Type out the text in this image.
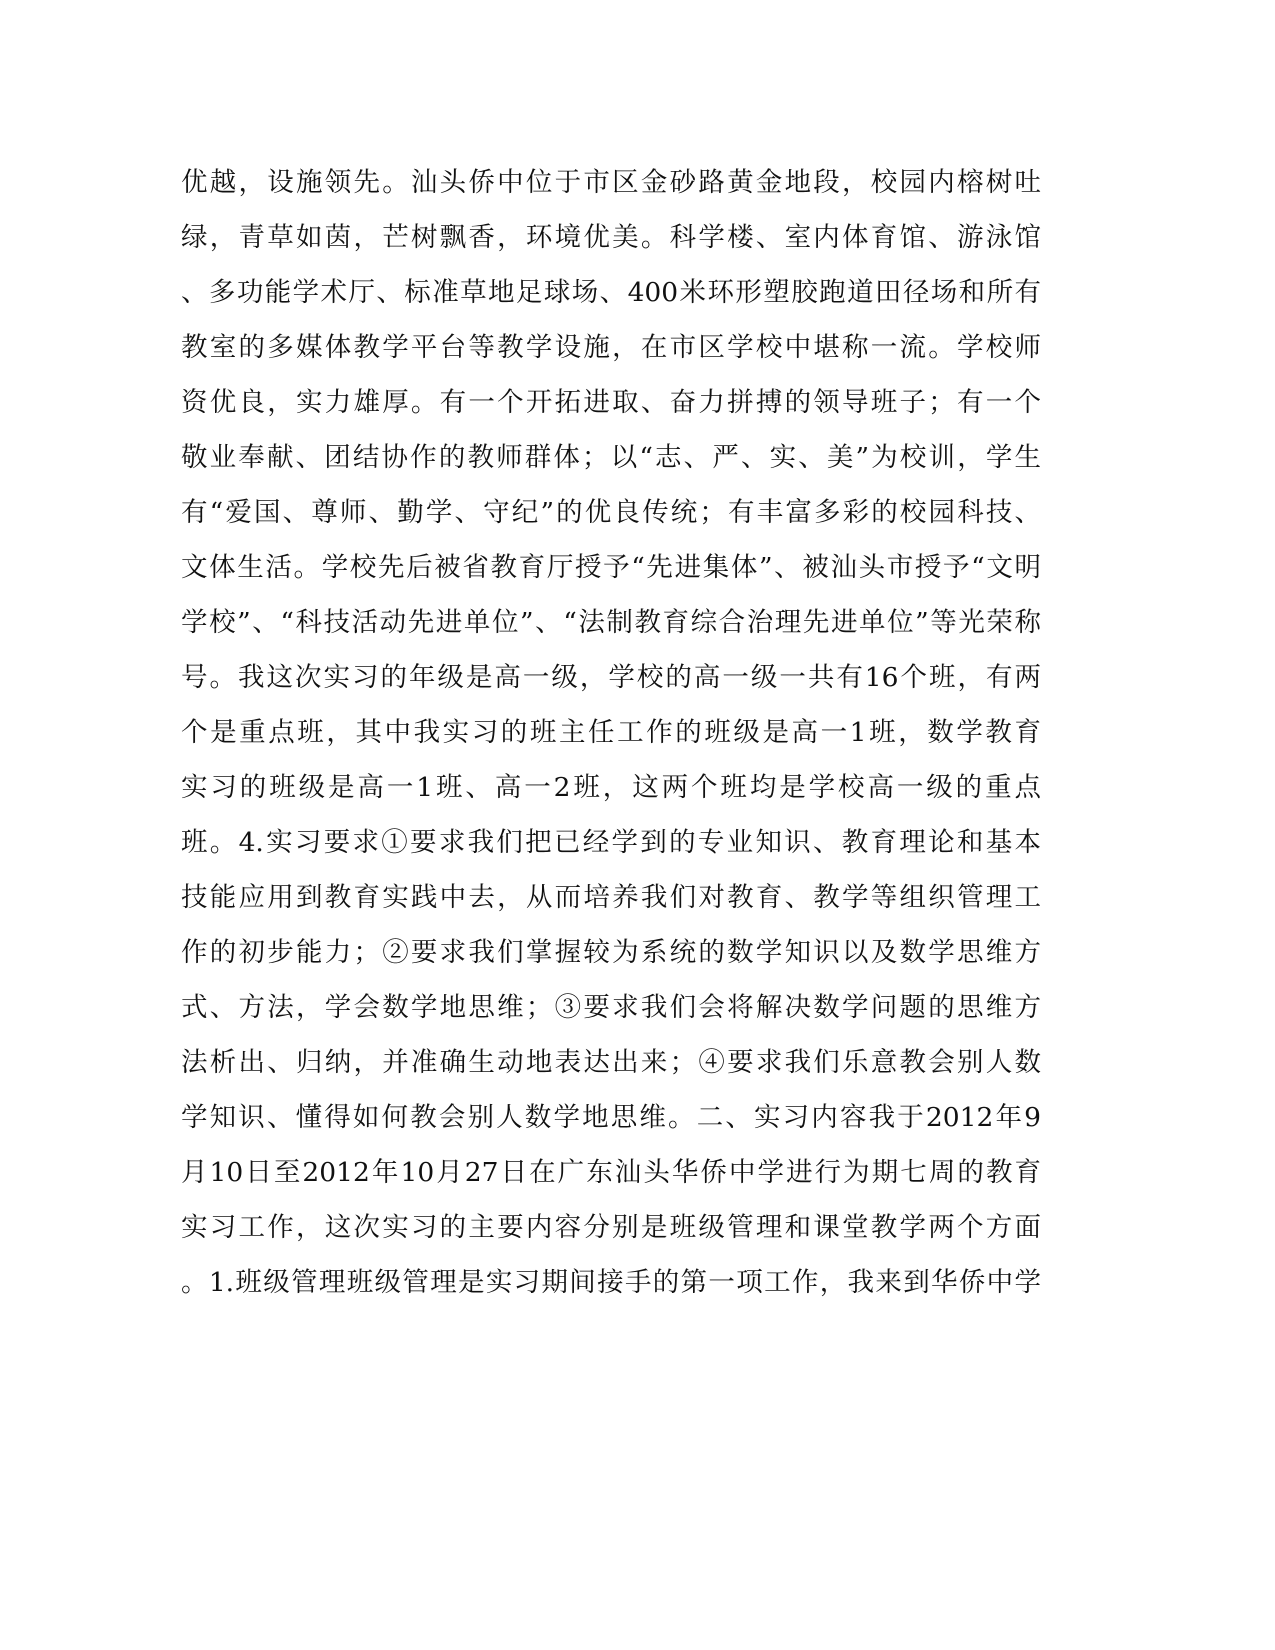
优越，设施领先。汕头侨中位于市区金砂路黄金地段，校园内榕树吐
绿，青草如茵，芒树飘香，环境优美。科学楼、室内体育馆、游泳馆
、多功能学术厅、标准草地足球场、400米环形塑胶跑道田径场和所有
教室的多媒体教学平台等教学设施，在市区学校中堪称一流。学校师
资优良，实力雄厚。有一个开拓进取、奋力拼搏的领导班子；有一个
敬业奉献、团结协作的教师群体；以“志、严、实、美”为校训，学生
有“爱国、尊师、勤学、守纪”的优良传统；有丰富多彩的校园科技、
文体生活。学校先后被省教育厅授予“先进集体”、被汕头市授予“文明
学校”、“科技活动先进单位”、“法制教育综合治理先进单位”等光荣称
号。我这次实习的年级是高一级，学校的高一级一共有16个班，有两
个是重点班，其中我实习的班主任工作的班级是高一1班，数学教育
实习的班级是高一1班、高一2班，这两个班均是学校高一级的重点
班。4.实习要求①要求我们把已经学到的专业知识、教育理论和基本
技能应用到教育实践中去，从而培养我们对教育、教学等组织管理工
作的初步能力；②要求我们掌握较为系统的数学知识以及数学思维方
式、方法，学会数学地思维；③要求我们会将解决数学问题的思维方
法析出、归纳，并准确生动地表达出来；④要求我们乐意教会别人数
学知识、懂得如何教会别人数学地思维。二、实习内容我于2012年9
月10日至2012年10月27日在广东汕头华侨中学进行为期七周的教育
实习工作，这次实习的主要内容分别是班级管理和课堂教学两个方面
。1.班级管理班级管理是实习期间接手的第一项工作，我来到华侨中学
